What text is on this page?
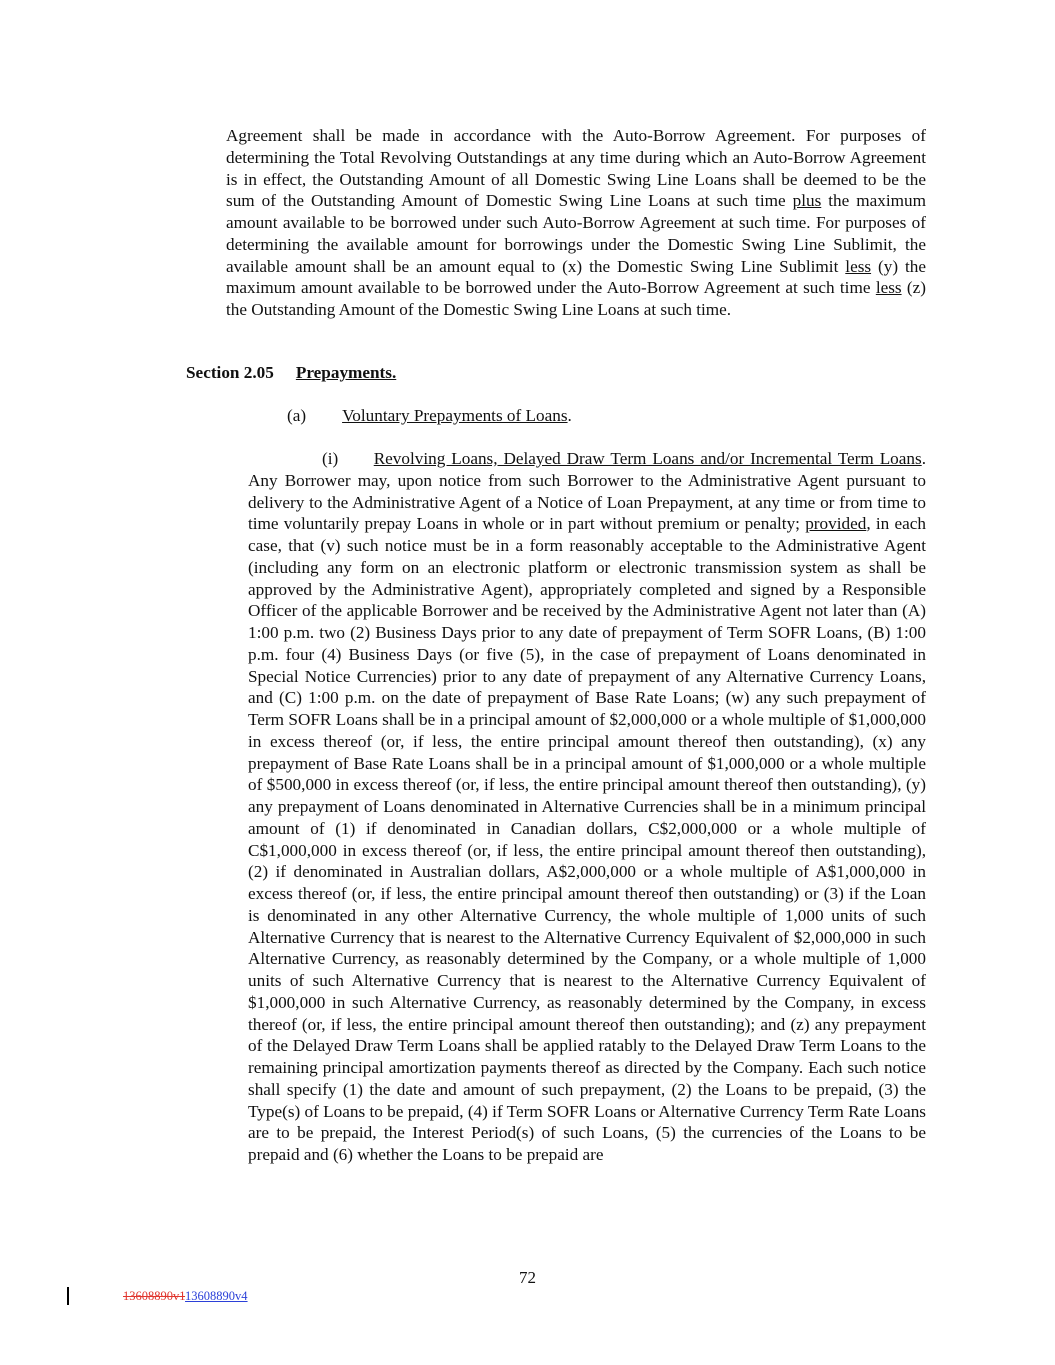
Agreement shall be made in accordance with the Auto-Borrow Agreement. For purposes of determining the Total Revolving Outstandings at any time during which an Auto-Borrow Agreement is in effect, the Outstanding Amount of all Domestic Swing Line Loans shall be deemed to be the sum of the Outstanding Amount of Domestic Swing Line Loans at such time plus the maximum amount available to be borrowed under such Auto-Borrow Agreement at such time. For purposes of determining the available amount for borrowings under the Domestic Swing Line Sublimit, the available amount shall be an amount equal to (x) the Domestic Swing Line Sublimit less (y) the maximum amount available to be borrowed under the Auto-Borrow Agreement at such time less (z) the Outstanding Amount of the Domestic Swing Line Loans at such time.
Section 2.05 Prepayments.
(a) Voluntary Prepayments of Loans.
(i) Revolving Loans, Delayed Draw Term Loans and/or Incremental Term Loans. Any Borrower may, upon notice from such Borrower to the Administrative Agent pursuant to delivery to the Administrative Agent of a Notice of Loan Prepayment, at any time or from time to time voluntarily prepay Loans in whole or in part without premium or penalty; provided, in each case, that (v) such notice must be in a form reasonably acceptable to the Administrative Agent (including any form on an electronic platform or electronic transmission system as shall be approved by the Administrative Agent), appropriately completed and signed by a Responsible Officer of the applicable Borrower and be received by the Administrative Agent not later than (A) 1:00 p.m. two (2) Business Days prior to any date of prepayment of Term SOFR Loans, (B) 1:00 p.m. four (4) Business Days (or five (5), in the case of prepayment of Loans denominated in Special Notice Currencies) prior to any date of prepayment of any Alternative Currency Loans, and (C) 1:00 p.m. on the date of prepayment of Base Rate Loans; (w) any such prepayment of Term SOFR Loans shall be in a principal amount of $2,000,000 or a whole multiple of $1,000,000 in excess thereof (or, if less, the entire principal amount thereof then outstanding), (x) any prepayment of Base Rate Loans shall be in a principal amount of $1,000,000 or a whole multiple of $500,000 in excess thereof (or, if less, the entire principal amount thereof then outstanding), (y) any prepayment of Loans denominated in Alternative Currencies shall be in a minimum principal amount of (1) if denominated in Canadian dollars, C$2,000,000 or a whole multiple of C$1,000,000 in excess thereof (or, if less, the entire principal amount thereof then outstanding), (2) if denominated in Australian dollars, A$2,000,000 or a whole multiple of A$1,000,000 in excess thereof (or, if less, the entire principal amount thereof then outstanding) or (3) if the Loan is denominated in any other Alternative Currency, the whole multiple of 1,000 units of such Alternative Currency that is nearest to the Alternative Currency Equivalent of $2,000,000 in such Alternative Currency, as reasonably determined by the Company, or a whole multiple of 1,000 units of such Alternative Currency that is nearest to the Alternative Currency Equivalent of $1,000,000 in such Alternative Currency, as reasonably determined by the Company, in excess thereof (or, if less, the entire principal amount thereof then outstanding); and (z) any prepayment of the Delayed Draw Term Loans shall be applied ratably to the Delayed Draw Term Loans to the remaining principal amortization payments thereof as directed by the Company. Each such notice shall specify (1) the date and amount of such prepayment, (2) the Loans to be prepaid, (3) the Type(s) of Loans to be prepaid, (4) if Term SOFR Loans or Alternative Currency Term Rate Loans are to be prepaid, the Interest Period(s) of such Loans, (5) the currencies of the Loans to be prepaid and (6) whether the Loans to be prepaid are
72
13608890v113608890v4
